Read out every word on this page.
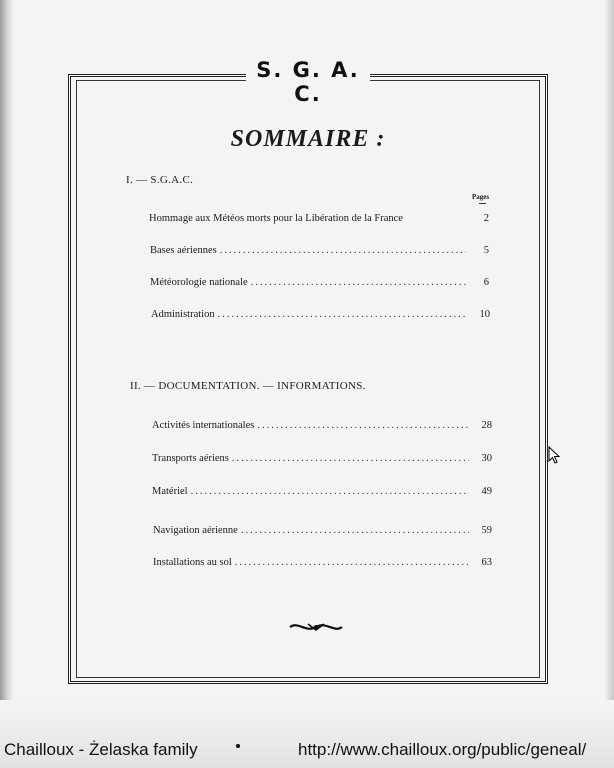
S. G. A. C.
SOMMAIRE :
I. — S.G.A.C.
Pages
Hommage aux Météos morts pour la Libération de la France	2
Bases aériennes .....	5
Météorologie nationale .....	6
Administration .....	10
II. — DOCUMENTATION. — INFORMATIONS.
Activités internationales .....	28
Transports aériens .....	30
Matériel .....	49
Navigation aérienne .....	59
Installations au sol .....	63
Chailloux - Żelaska family	http://www.chailloux.org/public/geneal/
